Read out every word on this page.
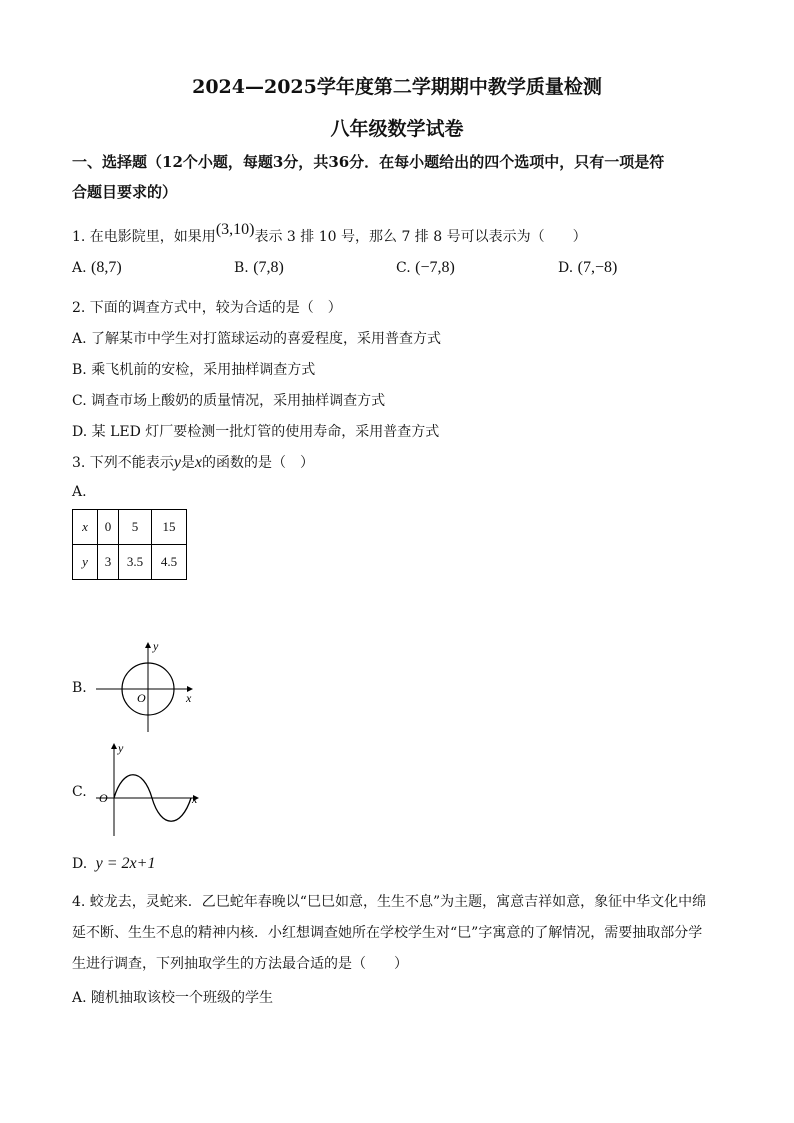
2024—2025学年度第二学期期中教学质量检测
八年级数学试卷
一、选择题（12个小题，每题3分，共36分．在每小题给出的四个选项中，只有一项是符
合题目要求的）
1. 在电影院里，如果用(3,10)表示 3 排 10 号，那么 7 排 8 号可以表示为（　　）
A. (8,7)	B. (7,8)	C. (−7,8)	D. (7,−8)
2. 下面的调查方式中，较为合适的是（　）
A. 了解某市中学生对打篮球运动的喜爱程度，采用普查方式
B. 乘飞机前的安检，采用抽样调查方式
C. 调查市场上酸奶的质量情况，采用抽样调查方式
D. 某 LED 灯厂要检测一批灯管的使用寿命，采用普查方式
3. 下列不能表示y是x的函数的是（　）
A.
x	0	5	15
y	3	3.5	4.5
B.
y
x
O
C.
y
x
O
D. y = 2x+1
4. 蛟龙去，灵蛇来．乙巳蛇年春晚以“巳巳如意，生生不息”为主题，寓意吉祥如意，象征中华文化中绵
延不断、生生不息的精神内核．小红想调查她所在学校学生对“巳”字寓意的了解情况，需要抽取部分学
生进行调查，下列抽取学生的方法最合适的是（　　）
A. 随机抽取该校一个班级的学生
